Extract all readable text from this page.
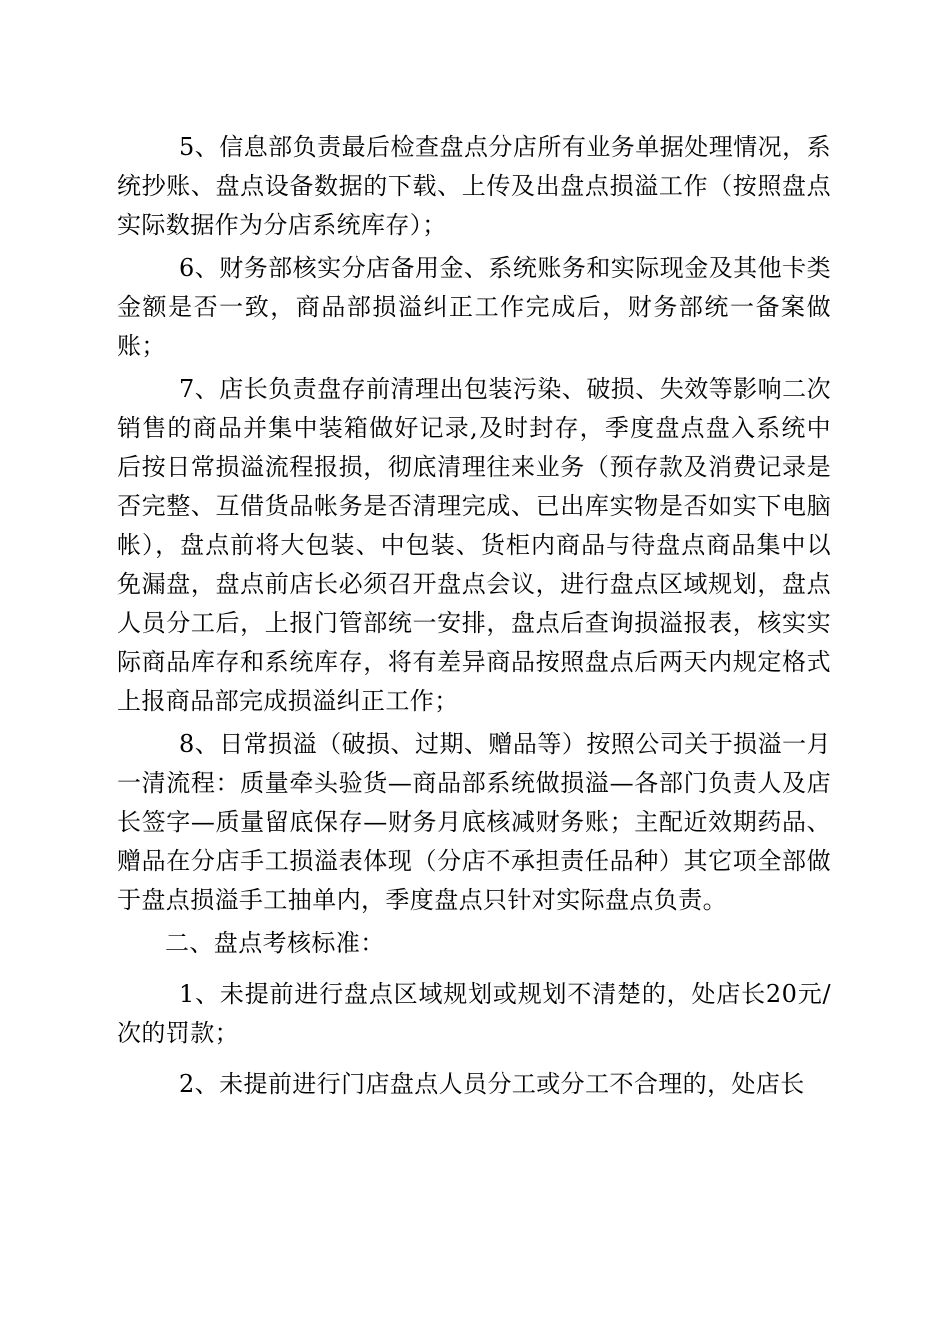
5、信息部负责最后检查盘点分店所有业务单据处理情况，系统抄账、盘点设备数据的下载、上传及出盘点损溢工作（按照盘点实际数据作为分店系统库存）；

6、财务部核实分店备用金、系统账务和实际现金及其他卡类金额是否一致，商品部损溢纠正工作完成后，财务部统一备案做账；

7、店长负责盘存前清理出包装污染、破损、失效等影响二次销售的商品并集中装箱做好记录,及时封存，季度盘点盘入系统中后按日常损溢流程报损，彻底清理往来业务（预存款及消费记录是否完整、互借货品帐务是否清理完成、已出库实物是否如实下电脑帐），盘点前将大包装、中包装、货柜内商品与待盘点商品集中以免漏盘，盘点前店长必须召开盘点会议，进行盘点区域规划，盘点人员分工后，上报门管部统一安排，盘点后查询损溢报表，核实实际商品库存和系统库存，将有差异商品按照盘点后两天内规定格式上报商品部完成损溢纠正工作；

8、日常损溢（破损、过期、赠品等）按照公司关于损溢一月一清流程：质量牵头验货—商品部系统做损溢—各部门负责人及店长签字—质量留底保存—财务月底核减财务账；主配近效期药品、赠品在分店手工损溢表体现（分店不承担责任品种）其它项全部做于盘点损溢手工抽单内，季度盘点只针对实际盘点负责。

二、盘点考核标准：

1、未提前进行盘点区域规划或规划不清楚的，处店长20元/次的罚款；

2、未提前进行门店盘点人员分工或分工不合理的，处店长
